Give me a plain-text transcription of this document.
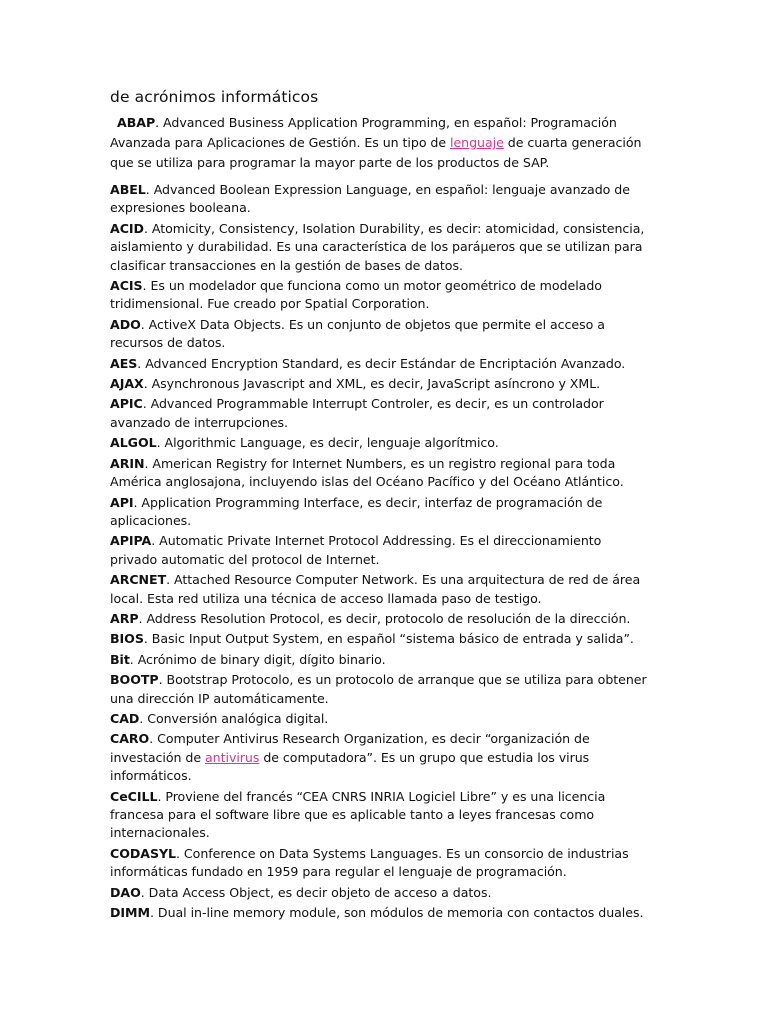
de acrónimos informáticos

ABAP. Advanced Business Application Programming, en español: Programación Avanzada para Aplicaciones de Gestión. Es un tipo de lenguaje de cuarta generación que se utiliza para programar la mayor parte de los productos de SAP.

ABEL. Advanced Boolean Expression Language, en español: lenguaje avanzado de expresiones booleana.

ACID. Atomicity, Consistency, Isolation Durability, es decir: atomicidad, consistencia, aislamiento y durabilidad. Es una característica de los paráμeros que se utilizan para clasificar transacciones en la gestión de bases de datos.

ACIS. Es un modelador que funciona como un motor geométrico de modelado tridimensional. Fue creado por Spatial Corporation.

ADO. ActiveX Data Objects. Es un conjunto de objetos que permite el acceso a recursos de datos.

AES. Advanced Encryption Standard, es decir Estándar de Encriptación Avanzado.

AJAX. Asynchronous Javascript and XML, es decir, JavaScript asíncrono y XML.

APIC. Advanced Programmable Interrupt Controler, es decir, es un controlador avanzado de interrupciones.

ALGOL. Algorithmic Language, es decir, lenguaje algorítmico.

ARIN. American Registry for Internet Numbers, es un registro regional para toda América anglosajona, incluyendo islas del Océano Pacífico y del Océano Atlántico.

API. Application Programming Interface, es decir, interfaz de programación de aplicaciones.

APIPA. Automatic Private Internet Protocol Addressing. Es el direccionamiento privado automatic del protocol de Internet.

ARCNET. Attached Resource Computer Network. Es una arquitectura de red de área local. Esta red utiliza una técnica de acceso llamada paso de testigo.

ARP. Address Resolution Protocol, es decir, protocolo de resolución de la dirección.

BIOS. Basic Input Output System, en español “sistema básico de entrada y salida”.

Bit. Acrónimo de binary digit, dígito binario.

BOOTP. Bootstrap Protocolo, es un protocolo de arranque que se utiliza para obtener una dirección IP automáticamente.

CAD. Conversión analógica digital.

CARO. Computer Antivirus Research Organization, es decir “organización de investación de antivirus de computadora”. Es un grupo que estudia los virus informáticos.

CeCILL. Proviene del francés “CEA CNRS INRIA Logiciel Libre” y es una licencia francesa para el software libre que es aplicable tanto a leyes francesas como internacionales.

CODASYL. Conference on Data Systems Languages. Es un consorcio de industrias informáticas fundado en 1959 para regular el lenguaje de programación.

DAO. Data Access Object, es decir objeto de acceso a datos.

DIMM. Dual in-line memory module, son módulos de memoria con contactos duales.
